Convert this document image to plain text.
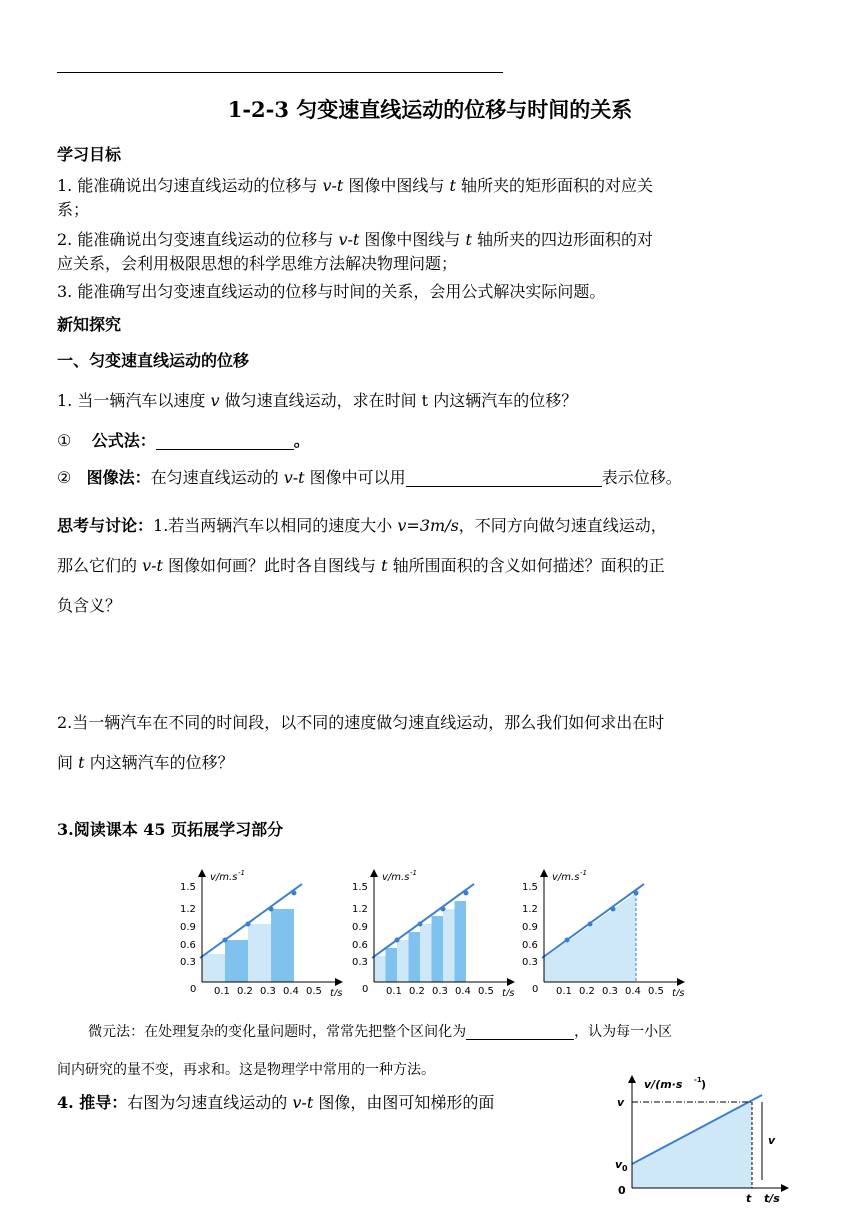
1-2-3 匀变速直线运动的位移与时间的关系
学习目标
1. 能准确说出匀速直线运动的位移与 v-t 图像中图线与 t 轴所夹的矩形面积的对应关
系；
2. 能准确说出匀变速直线运动的位移与 v-t 图像中图线与 t 轴所夹的四边形面积的对
应关系，会利用极限思想的科学思维方法解决物理问题；
3. 能准确写出匀变速直线运动的位移与时间的关系，会用公式解决实际问题。
新知探究
一、匀变速直线运动的位移
1. 当一辆汽车以速度 v 做匀速直线运动，求在时间 t 内这辆汽车的位移？
① 公式法：	。
② 图像法：在匀速直线运动的 v-t 图像中可以用	表示位移。
思考与讨论：1.若当两辆汽车以相同的速度大小 v=3m/s，不同方向做匀速直线运动，
那么它们的 v-t 图像如何画？此时各自图线与 t 轴所围面积的含义如何描述？面积的正
负含义？
2.当一辆汽车在不同的时间段，以不同的速度做匀速直线运动，那么我们如何求出在时
间 t 内这辆汽车的位移？
3.阅读课本 45 页拓展学习部分
v/m.s -1
1.5
1.2
0.9
0.6
0.3
0 0.1 0.2 0.3 0.4 0.5 t/s
v/m.s -1
1.5
1.2
0.9
0.6
0.3
0 0.1 0.2 0.3 0.4 0.5 t/s
v/m.s -1
1.5
1.2
0.9
0.6
0.3
0 0.1 0.2 0.3 0.4 0.5 t/s
微元法：在处理复杂的变化量问题时，常常先把整个区间化为	，认为每一小区
间内研究的量不变，再求和。这是物理学中常用的一种方法。
4. 推导：右图为匀速直线运动的 v-t 图像，由图可知梯形的面
v/(m·s -1 )
v
v 0
0
v
t t/s
